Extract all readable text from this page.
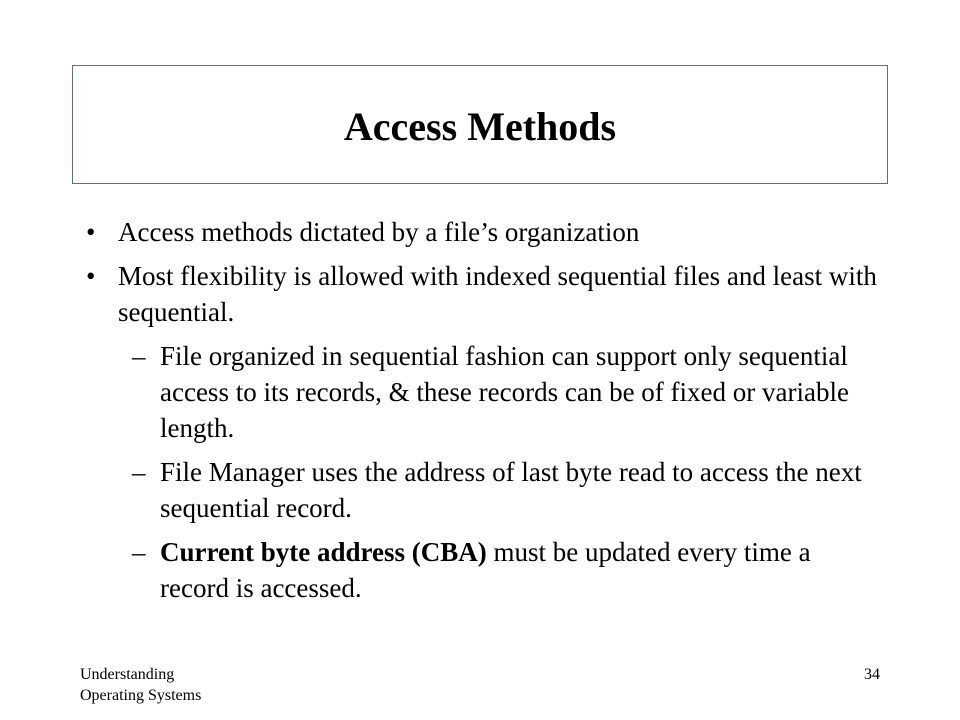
Access Methods
• Access methods dictated by a file’s organization
• Most flexibility is allowed with indexed sequential files and least with sequential.
– File organized in sequential fashion can support only sequential access to its records, & these records can be of fixed or variable length.
– File Manager uses the address of last byte read to access the next sequential record.
– Current byte address (CBA) must be updated every time a record is accessed.
Understanding
Operating Systems
34
